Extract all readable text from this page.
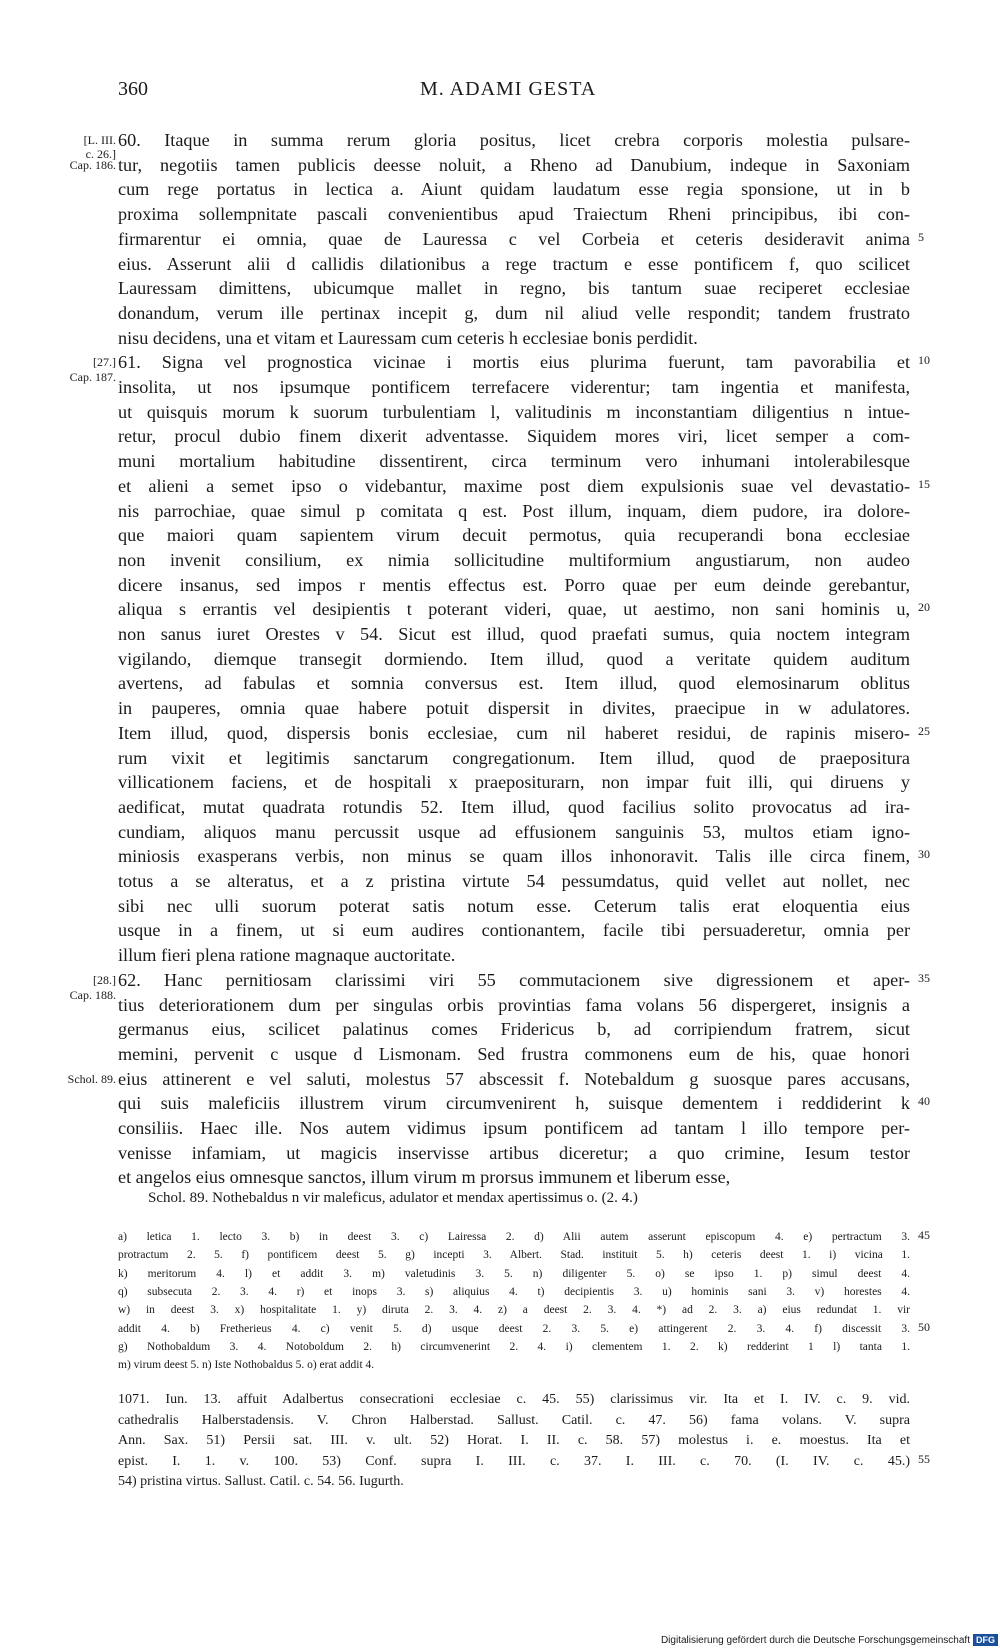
360	M. ADAMI GESTA
60. Itaque in summa rerum gloria positus, licet crebra corporis molestia pulsare-
tur, negotiis tamen publicis deesse noluit, a Rheno ad Danubium, indeque in Saxoniam
cum rege portatus in lectica a. Aiunt quidam laudatum esse regia sponsione, ut in b
proxima sollempnitate pascali convenientibus apud Traiectum Rheni principibus, ibi con-
firmarentur ei omnia, quae de Lauressa c vel Corbeia et ceteris desideravit anima
eius. Asserunt alii d callidis dilationibus a rege tractum e esse pontificem f, quo scilicet
Lauressam dimittens, ubicumque mallet in regno, bis tantum suae reciperet ecclesiae
donandum, verum ille pertinax incepit g, dum nil aliud velle respondit; tandem frustrato
nisu decidens, una et vitam et Lauressam cum ceteris h ecclesiae bonis perdidit.
61. Signa vel prognostica vicinae i mortis eius plurima fuerunt, tam pavorabilia et
insolita, ut nos ipsumque pontificem terrefacere viderentur; tam ingentia et manifesta,
ut quisquis morum k suorum turbulentiam l, valitudinis m inconstantiam diligentius n intue-
retur, procul dubio finem dixerit adventasse. Siquidem mores viri, licet semper a com-
muni mortalium habitudine dissentirent, circa terminum vero inhumani intolerabilesque
et alieni a semet ipso o videbantur, maxime post diem expulsionis suae vel devastatio-
nis parrochiae, quae simul p comitata q est. Post illum, inquam, diem pudore, ira dolore-
que maiori quam sapientem virum decuit permotus, quia recuperandi bona ecclesiae
non invenit consilium, ex nimia sollicitudine multiformium angustiarum, non audeo
dicere insanus, sed impos r mentis effectus est. Porro quae per eum deinde gerebantur,
aliqua s errantis vel desipientis t poterant videri, quae, ut aestimo, non sani hominis u,
non sanus iuret Orestes v 54. Sicut est illud, quod praefati sumus, quia noctem integram
vigilando, diemque transegit dormiendo. Item illud, quod a veritate quidem auditum
avertens, ad fabulas et somnia conversus est. Item illud, quod elemosinarum oblitus
in pauperes, omnia quae habere potuit dispersit in divites, praecipue in w adulatores.
Item illud, quod, dispersis bonis ecclesiae, cum nil haberet residui, de rapinis misero-
rum vixit et legitimis sanctarum congregationum. Item illud, quod de praepositura
villicationem faciens, et de hospitali x praepositurarn, non impar fuit illi, qui diruens y
aedificat, mutat quadrata rotundis 52. Item illud, quod facilius solito provocatus ad ira-
cundiam, aliquos manu percussit usque ad effusionem sanguinis 53, multos etiam igno-
miniosis exasperans verbis, non minus se quam illos inhonoravit. Talis ille circa finem,
totus a se alteratus, et a z pristina virtute 54 pessumdatus, quid vellet aut nollet, nec
sibi nec ulli suorum poterat satis notum esse. Ceterum talis erat eloquentia eius
usque in a finem, ut si eum audires contionantem, facile tibi persuaderetur, omnia per
illum fieri plena ratione magnaque auctoritate.
62. Hanc pernitiosam clarissimi viri 55 commutacionem sive digressionem et aper-
tius deteriorationem dum per singulas orbis provintias fama volans 56 dispergeret, insignis a
germanus eius, scilicet palatinus comes Fridericus b, ad corripiendum fratrem, sicut
memini, pervenit c usque d Lismonam. Sed frustra commonens eum de his, quae honori
eius attinerent e vel saluti, molestus 57 abscessit f. Notebaldum g suosque pares accusans,
qui suis maleficiis illustrem virum circumvenirent h, suisque dementem i reddiderint k
consiliis. Haec ille. Nos autem vidimus ipsum pontificem ad tantam l illo tempore per-
venisse infamiam, ut magicis inservisse artibus diceretur; a quo crimine, Iesum testor
et angelos eius omnesque sanctos, illum virum m prorsus immunem et liberum esse,
[L. III.
c. 26.]
Cap. 186.
[27.]
Cap. 187.
[28.]
Cap. 188.
Schol. 89.
5
10
15
20
25
30
35
40
Schol. 89. Nothebaldus n vir maleficus, adulator et mendax apertissimus o. (2. 4.)
a) letica 1. lecto 3. b) in deest 3. c) Lairessa 2. d) Alii autem asserunt episcopum 4. e) pertractum 3.
protractum 2. 5. f) pontificem deest 5. g) incepti 3. Albert. Stad. instituit 5. h) ceteris deest 1. i) vicina 1.
k) meritorum 4. l) et addit 3. m) valetudinis 3. 5. n) diligenter 5. o) se ipso 1. p) simul deest 4.
q) subsecuta 2. 3. 4. r) et inops 3. s) aliquius 4. t) decipientis 3. u) hominis sani 3. v) horestes 4.
w) in deest 3. x) hospitalitate 1. y) diruta 2. 3. 4. z) a deest 2. 3. 4. *) ad 2. 3. a) eius redundat 1. vir
addit 4. b) Fretherieus 4. c) venit 5. d) usque deest 2. 3. 5. e) attingerent 2. 3. 4. f) discessit 3.
g) Nothobaldum 3. 4. Notoboldum 2. h) circumvenerint 2. 4. i) clementem 1. 2. k) redderint 1 l) tanta 1.
m) virum deest 5. n) Iste Nothobaldus 5. o) erat addit 4.
45
50
1071. Iun. 13. affuit Adalbertus consecrationi ecclesiae c. 45. 55) clarissimus vir. Ita et I. IV. c. 9. vid.
cathedralis Halberstadensis. V. Chron Halberstad. Sallust. Catil. c. 47. 56) fama volans. V. supra
Ann. Sax. 51) Persii sat. III. v. ult. 52) Horat. I. II. c. 58. 57) molestus i. e. moestus. Ita et
epist. I. 1. v. 100. 53) Conf. supra I. III. c. 37. I. III. c. 70. (I. IV. c. 45.)
54) pristina virtus. Sallust. Catil. c. 54. 56. Iugurth.
55
Digitalisierung gefördert durch die Deutsche Forschungsgemeinschaft DFG
